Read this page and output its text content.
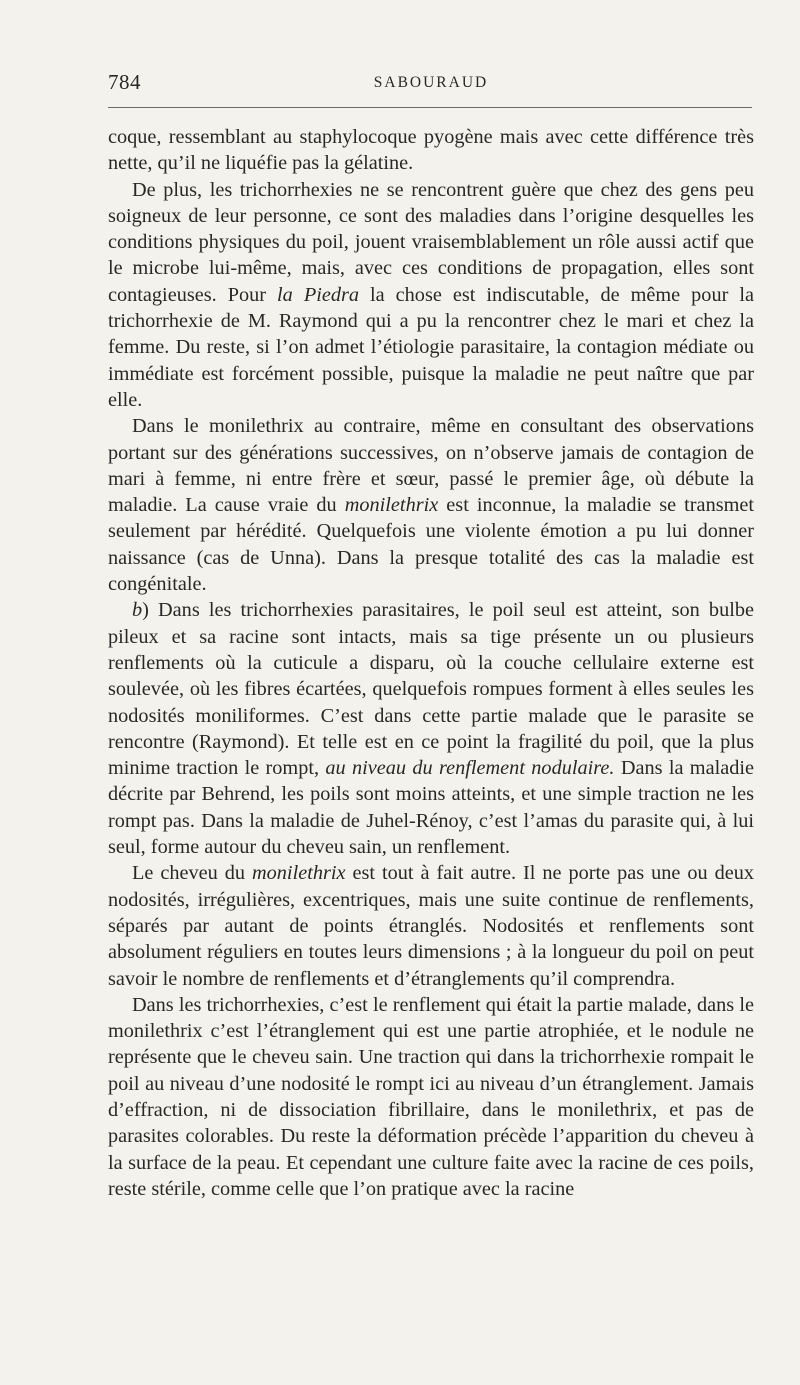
784	SABOURAUD

coque, ressemblant au staphylocoque pyogène mais avec cette différence très nette, qu’il ne liquéfie pas la gélatine.

De plus, les trichorrhexies ne se rencontrent guère que chez des gens peu soigneux de leur personne, ce sont des maladies dans l’origine desquelles les conditions physiques du poil, jouent vraisemblablement un rôle aussi actif que le microbe lui-même, mais, avec ces conditions de propagation, elles sont contagieuses. Pour la Piedra la chose est indiscutable, de même pour la trichorrhexie de M. Raymond qui a pu la rencontrer chez le mari et chez la femme. Du reste, si l’on admet l’étiologie parasitaire, la contagion médiate ou immédiate est forcément possible, puisque la maladie ne peut naître que par elle.

Dans le monilethrix au contraire, même en consultant des observations portant sur des générations successives, on n’observe jamais de contagion de mari à femme, ni entre frère et sœur, passé le premier âge, où débute la maladie. La cause vraie du monilethrix est inconnue, la maladie se transmet seulement par hérédité. Quelquefois une violente émotion a pu lui donner naissance (cas de Unna). Dans la presque totalité des cas la maladie est congénitale.

b) Dans les trichorrhexies parasitaires, le poil seul est atteint, son bulbe pileux et sa racine sont intacts, mais sa tige présente un ou plusieurs renflements où la cuticule a disparu, où la couche cellulaire externe est soulevée, où les fibres écartées, quelquefois rompues forment à elles seules les nodosités moniliformes. C’est dans cette partie malade que le parasite se rencontre (Raymond). Et telle est en ce point la fragilité du poil, que la plus minime traction le rompt, au niveau du renflement nodulaire. Dans la maladie décrite par Behrend, les poils sont moins atteints, et une simple traction ne les rompt pas. Dans la maladie de Juhel-Rénoy, c’est l’amas du parasite qui, à lui seul, forme autour du cheveu sain, un renflement.

Le cheveu du monilethrix est tout à fait autre. Il ne porte pas une ou deux nodosités, irrégulières, excentriques, mais une suite continue de renflements, séparés par autant de points étranglés. Nodosités et renflements sont absolument réguliers en toutes leurs dimensions ; à la longueur du poil on peut savoir le nombre de renflements et d’étranglements qu’il comprendra.

Dans les trichorrhexies, c’est le renflement qui était la partie malade, dans le monilethrix c’est l’étranglement qui est une partie atrophiée, et le nodule ne représente que le cheveu sain. Une traction qui dans la trichorrhexie rompait le poil au niveau d’une nodosité le rompt ici au niveau d’un étranglement. Jamais d’effraction, ni de dissociation fibrillaire, dans le monilethrix, et pas de parasites colorables. Du reste la déformation précède l’apparition du cheveu à la surface de la peau. Et cependant une culture faite avec la racine de ces poils, reste stérile, comme celle que l’on pratique avec la racine
